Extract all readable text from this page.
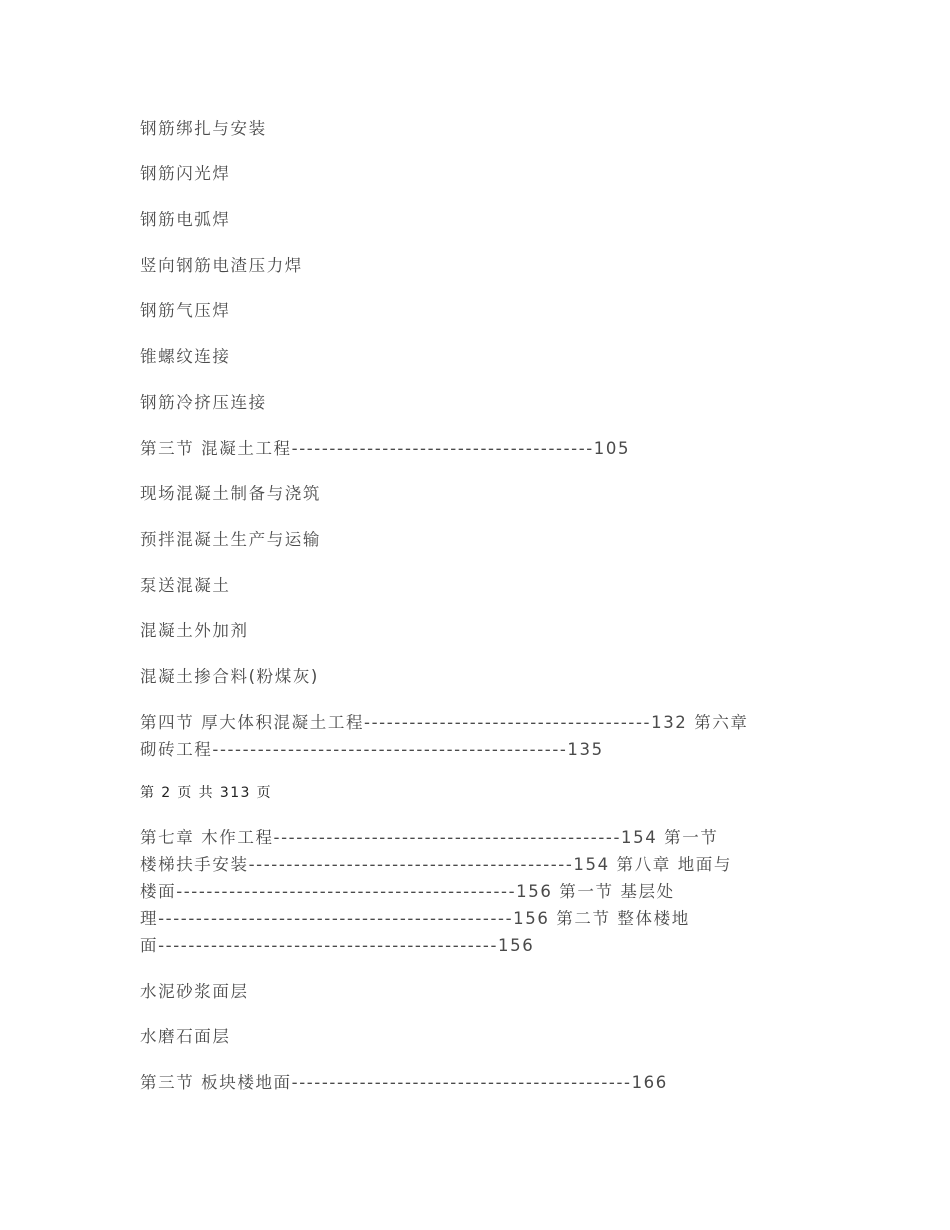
钢筋绑扎与安装

钢筋闪光焊

钢筋电弧焊

竖向钢筋电渣压力焊

钢筋气压焊

锥螺纹连接

钢筋冷挤压连接

第三节 混凝土工程----------------------------------------105

现场混凝土制备与浇筑

预拌混凝土生产与运输

泵送混凝土

混凝土外加剂

混凝土掺合料(粉煤灰)

第四节 厚大体积混凝土工程--------------------------------------132 第六章
砌砖工程-----------------------------------------------135

第 2 页 共 313 页

第七章 木作工程----------------------------------------------154 第一节
楼梯扶手安装-------------------------------------------154 第八章 地面与
楼面---------------------------------------------156 第一节 基层处
理-----------------------------------------------156 第二节 整体楼地
面---------------------------------------------156

水泥砂浆面层

水磨石面层

第三节 板块楼地面---------------------------------------------166
